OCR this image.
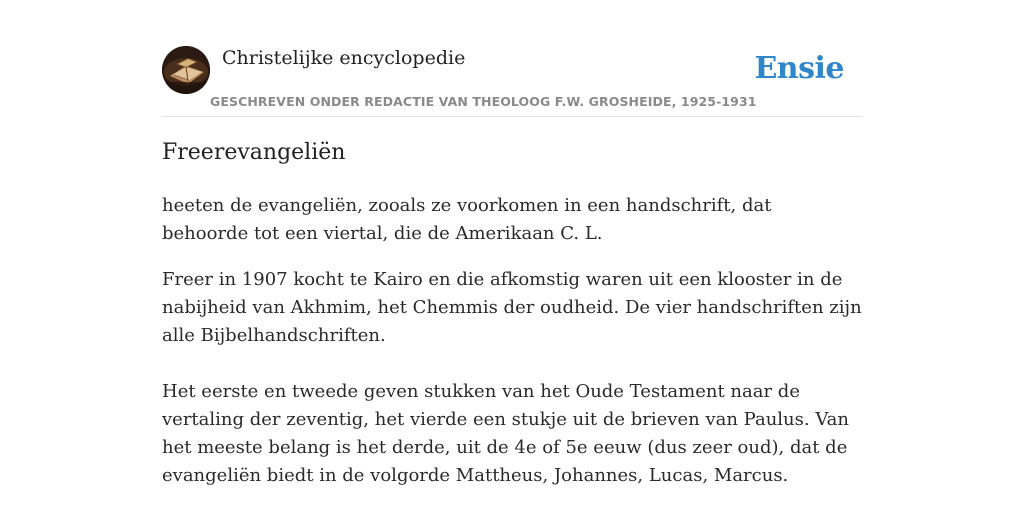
Christelijke encyclopedie
GESCHREVEN ONDER REDACTIE VAN THEOLOOG F.W. GROSHEIDE, 1925-1931
Ensie
Freerevangeliën

heeten de evangeliën, zooals ze voorkomen in een handschrift, dat behoorde tot een viertal, die de Amerikaan C. L.

Freer in 1907 kocht te Kairo en die afkomstig waren uit een klooster in de nabijheid van Akhmim, het Chemmis der oudheid. De vier handschriften zijn alle Bijbelhandschriften.

Het eerste en tweede geven stukken van het Oude Testament naar de vertaling der zeventig, het vierde een stukje uit de brieven van Paulus. Van het meeste belang is het derde, uit de 4e of 5e eeuw (dus zeer oud), dat de evangeliën biedt in de volgorde Mattheus, Johannes, Lucas, Marcus.
